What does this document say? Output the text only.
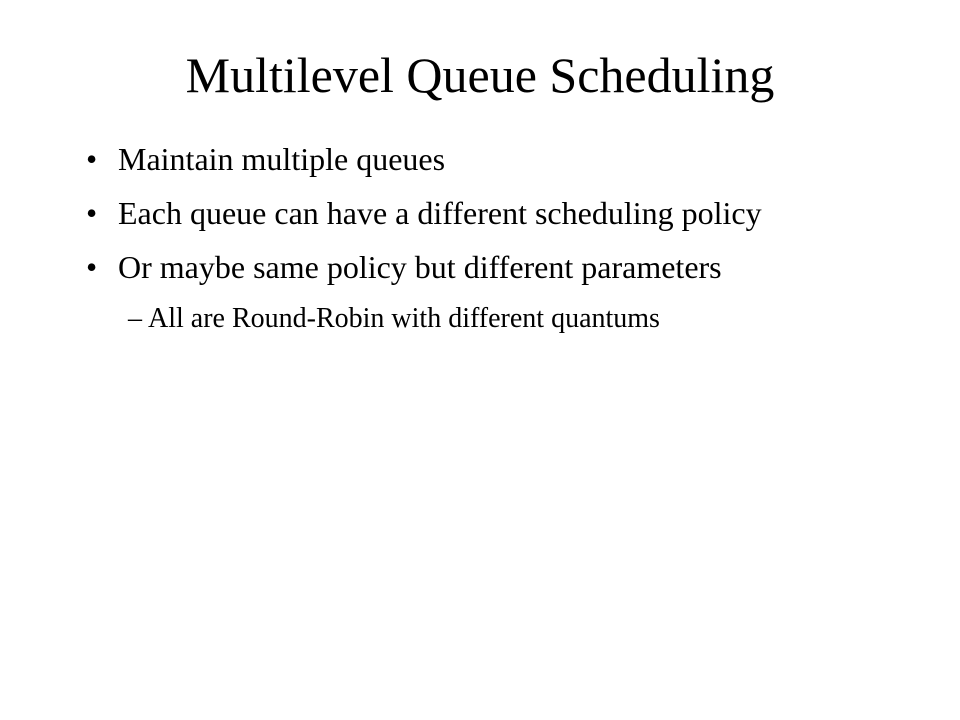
Multilevel Queue Scheduling
• Maintain multiple queues
• Each queue can have a different scheduling policy
• Or maybe same policy but different parameters
– All are Round-Robin with different quantums
